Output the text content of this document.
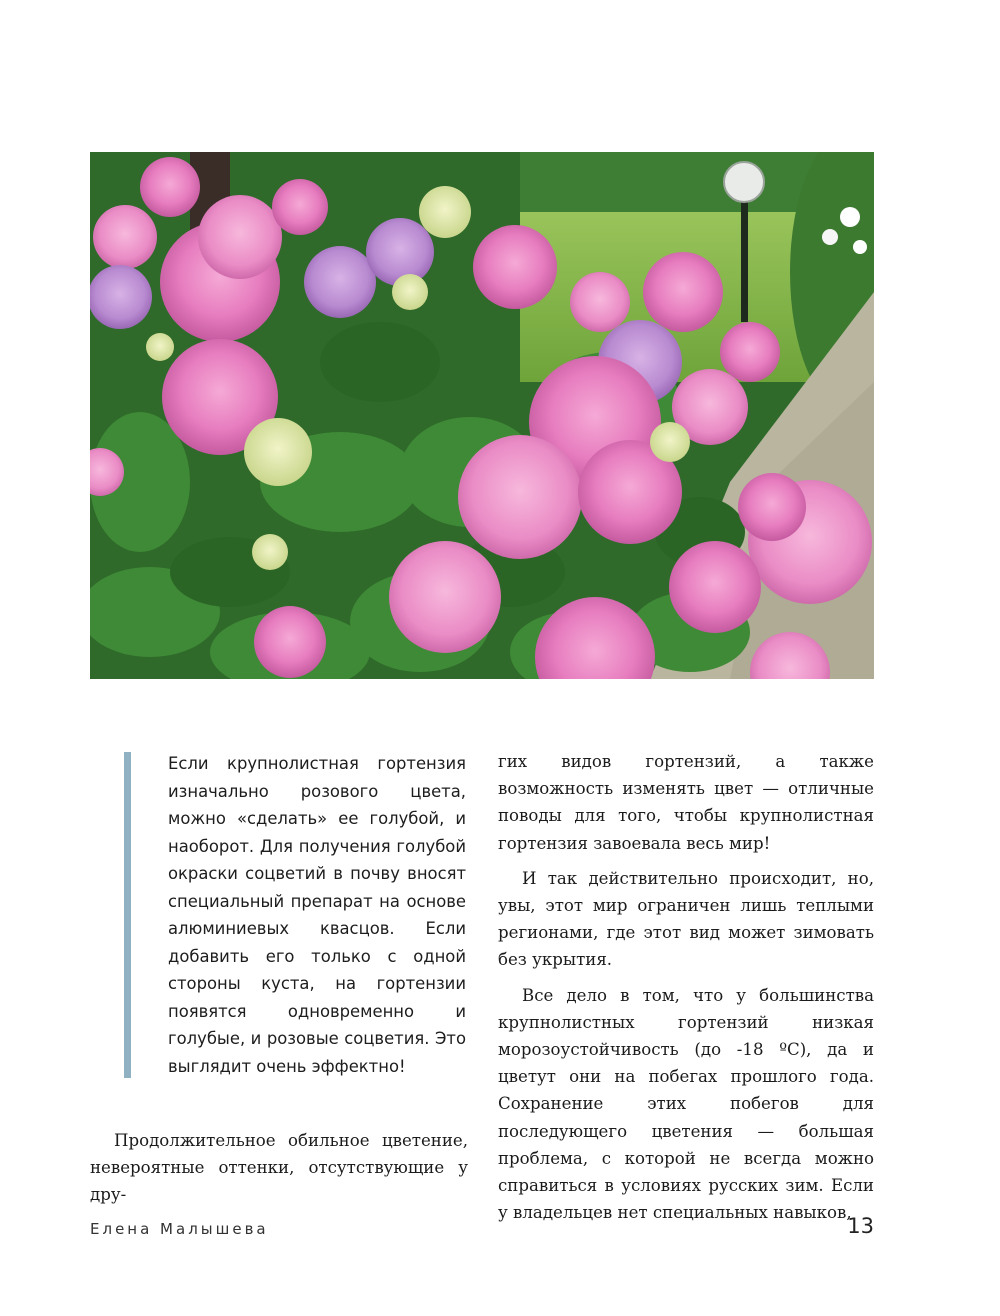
Если крупнолистная гортензия изначально розового цвета, можно «сделать» ее голубой, и наоборот. Для получения голубой окраски соцветий в почву вносят специальный препарат на основе алюминиевых квасцов. Если добавить его только с одной стороны куста, на гортензии появятся одновременно и голубые, и розовые соцветия. Это выглядит очень эффектно!

Продолжительное обильное цветение, невероятные оттенки, отсутствующие у дру-

гих видов гортензий, а также возможность изменять цвет — отличные поводы для того, чтобы крупнолистная гортензия завоевала весь мир!

И так действительно происходит, но, увы, этот мир ограничен лишь теплыми регионами, где этот вид может зимовать без укрытия.

Все дело в том, что у большинства крупнолистных гортензий низкая морозоустойчивость (до -18 ºС), да и цветут они на побегах прошлого года. Сохранение этих побегов для последующего цветения — большая проблема, с которой не всегда можно справиться в условиях русских зим. Если у владельцев нет специальных навыков,

Елена Малышева	13
